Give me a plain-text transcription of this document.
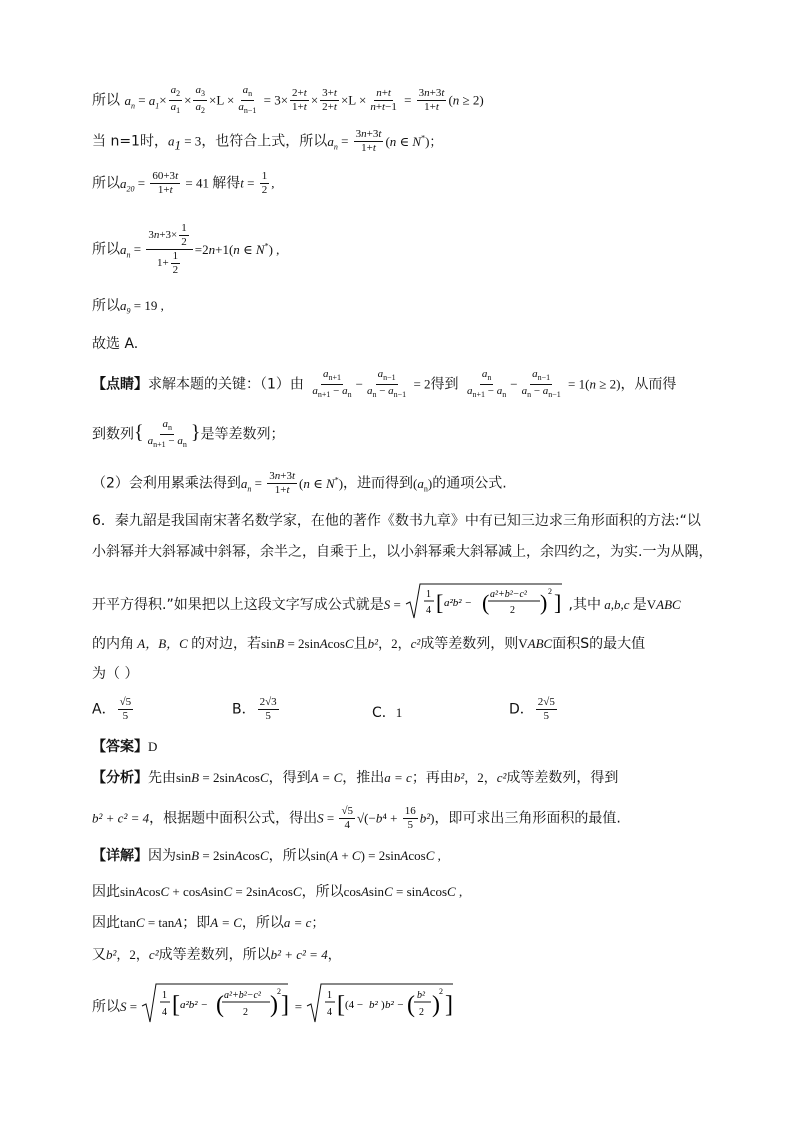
所以 $a_n = a_1\times \frac{a_2}{a_1} \times \frac{a_3}{a_2} \times L \times \frac{a_n}{a_{n-1}} = 3\times \frac{2+t}{1+t} \times \frac{3+t}{2+t} \times L \times \frac{n+t}{n+t-1} = \frac{3n+3t}{1+t} (n \ge 2)$
当 n=1时，$a_1 = 3$，也符合上式，所以$a_n = \frac{3n+3t}{1+t} (n$ ∈ N*)；
所以$a_{20} = \frac{60+3t}{1+t} = 41$ 解得$t = \frac{1}{2}$ ,
所以$a_n = \frac{3n+3\times \frac{1}{2}}{1+ \frac{1}{2}} =2n+1(n$ ∈ N*) ,
所以$a_9 = 19$ ,
故选 A.
【点睛】求解本题的关键：（1）由 $\frac{a_{n+1}}{a_{n+1} - a_n} - \frac{a_{n-1}}{a_n - a_{n-1}} = 2$得到 $\frac{a_n}{a_{n+1} - a_n} - \frac{a_{n-1}}{a_n - a_{n-1}} = 1(n \ge 2)$，从而得
到数列{ $\frac{a_n}{a_{n+1} - a_n}$ }是等差数列；
（2）会利用累乘法得到$a_n = \frac{3n+3t}{1+t} (n$ ∈ N*)，进而得到$(a_n)$的通项公式.
6．秦九韶是我国南宋著名数学家，在他的著作《数书九章》中有已知三边求三角形面积的方法:“以
小斜幂并大斜幂减中斜幂，余半之，自乘于上，以小斜幂乘大斜幂减上，余四约之，为实.一为从隅，
开平方得积.”如果把以上这段文字写成公式就是S =
1
4 [ a²b² − ( a²+b²−c²
2 ) 2 ] ,其中 a,b,c 是VABC
的内角 A，B，C 的对边，若sinB = 2sinAcosC且b²，2，c²成等差数列，则VABC面积S的最大值
为（ ）
A． $\frac{√5}{5}$	B． $\frac{2√3}{5}$	C．1	D． $\frac{2√5}{5}$
【答案】D
【分析】先由sinB = 2sinAcosC，得到A = C，推出a = c；再由b²，2，c²成等差数列，得到
b² + c² = 4，根据题中面积公式，得出$S = \frac{√5}{4} √(-b^4 + \frac{16}{5} b^2)$，即可求出三角形面积的最值.
【详解】因为sinB = 2sinAcosC，所以sin(A + C) = 2sinAcosC ,
因此sinAcosC + cosAsinC = 2sinAcosC，所以cosAsinC = sinAcosC ,
因此tanC = tanA；即A = C，所以a = c；
又b²，2，c²成等差数列，所以b² + c² = 4，
所以S =
1
4 [ a²b² − ( a²+b²−c²
2 )
2
] =
1
4 [ (4 − b² ) b² − ( b²
2 )
2
]
